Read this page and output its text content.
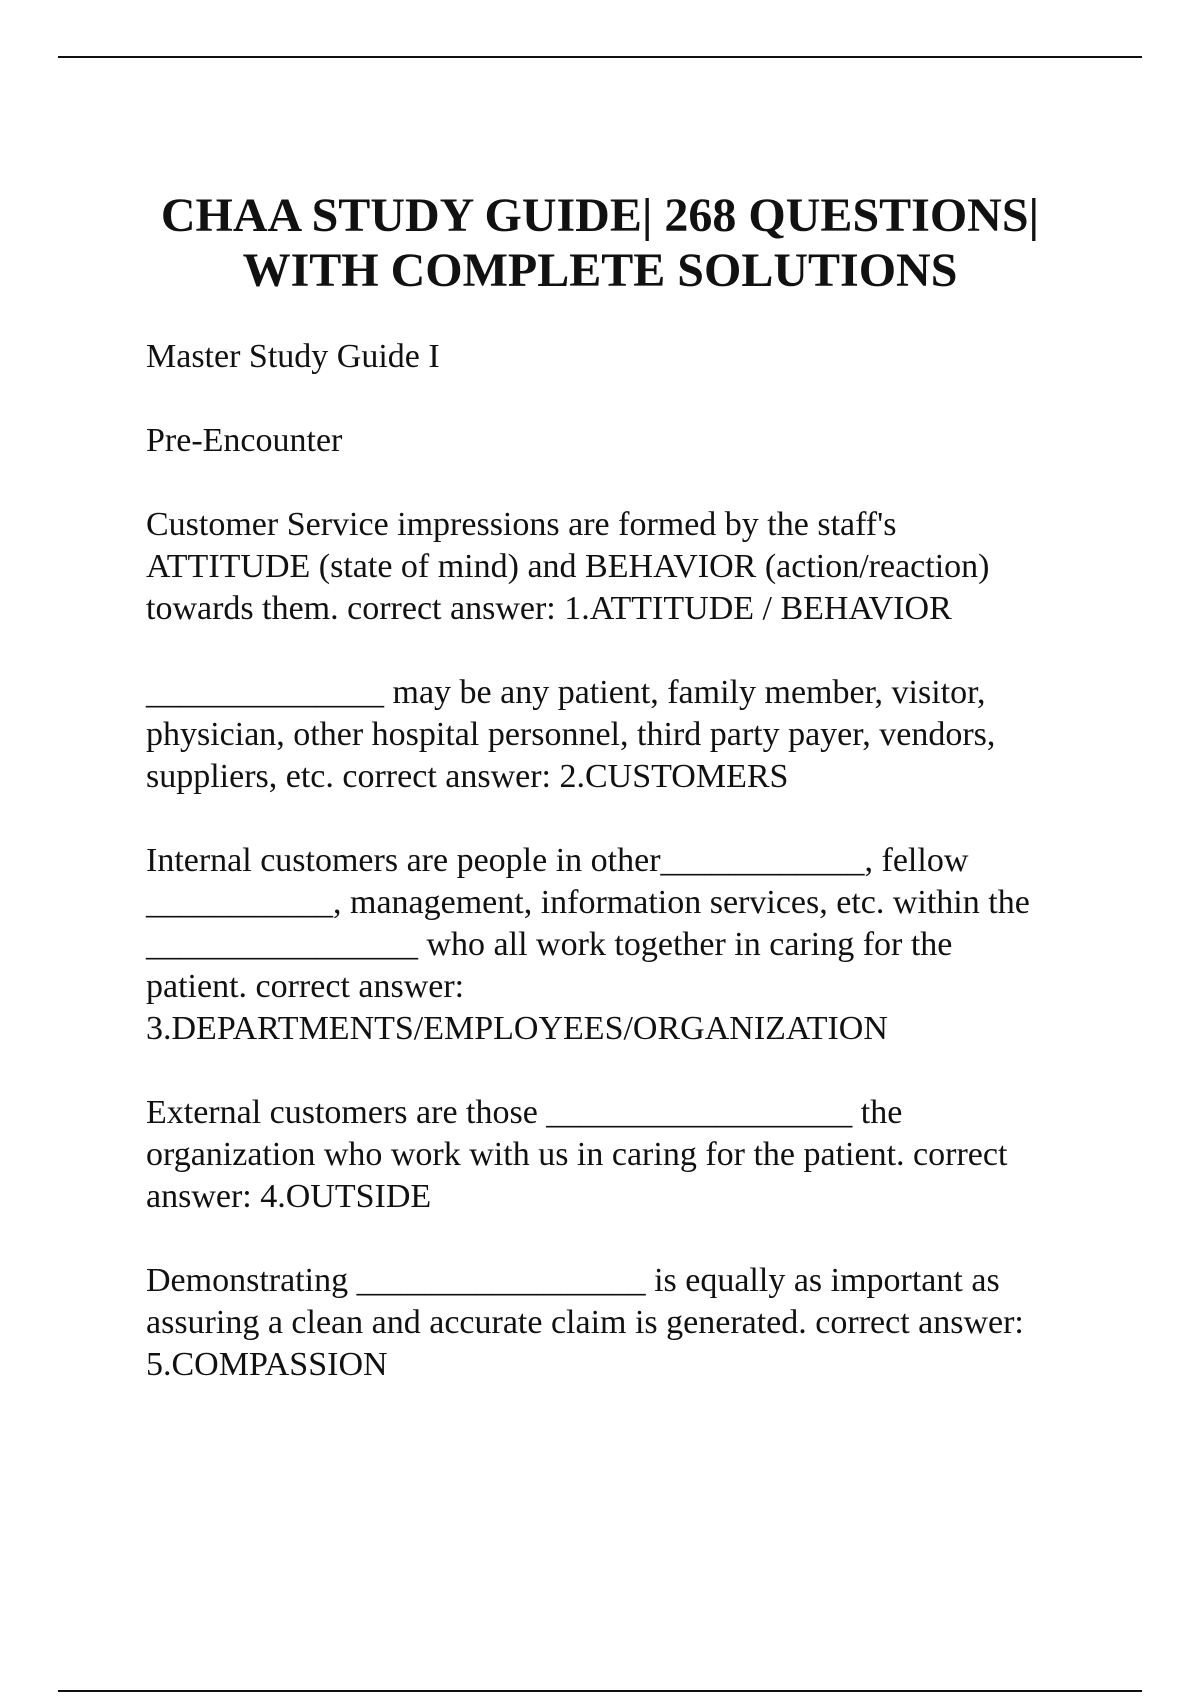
CHAA STUDY GUIDE| 268 QUESTIONS|
WITH COMPLETE SOLUTIONS

Master Study Guide I

Pre-Encounter

Customer Service impressions are formed by the staff's
ATTITUDE (state of mind) and BEHAVIOR (action/reaction)
towards them. correct answer: 1.ATTITUDE / BEHAVIOR

______________ may be any patient, family member, visitor,
physician, other hospital personnel, third party payer, vendors,
suppliers, etc. correct answer: 2.CUSTOMERS

Internal customers are people in other____________, fellow
___________, management, information services, etc. within the
________________ who all work together in caring for the
patient. correct answer:
3.DEPARTMENTS/EMPLOYEES/ORGANIZATION

External customers are those __________________ the
organization who work with us in caring for the patient. correct
answer: 4.OUTSIDE

Demonstrating _________________ is equally as important as
assuring a clean and accurate claim is generated. correct answer:
5.COMPASSION
